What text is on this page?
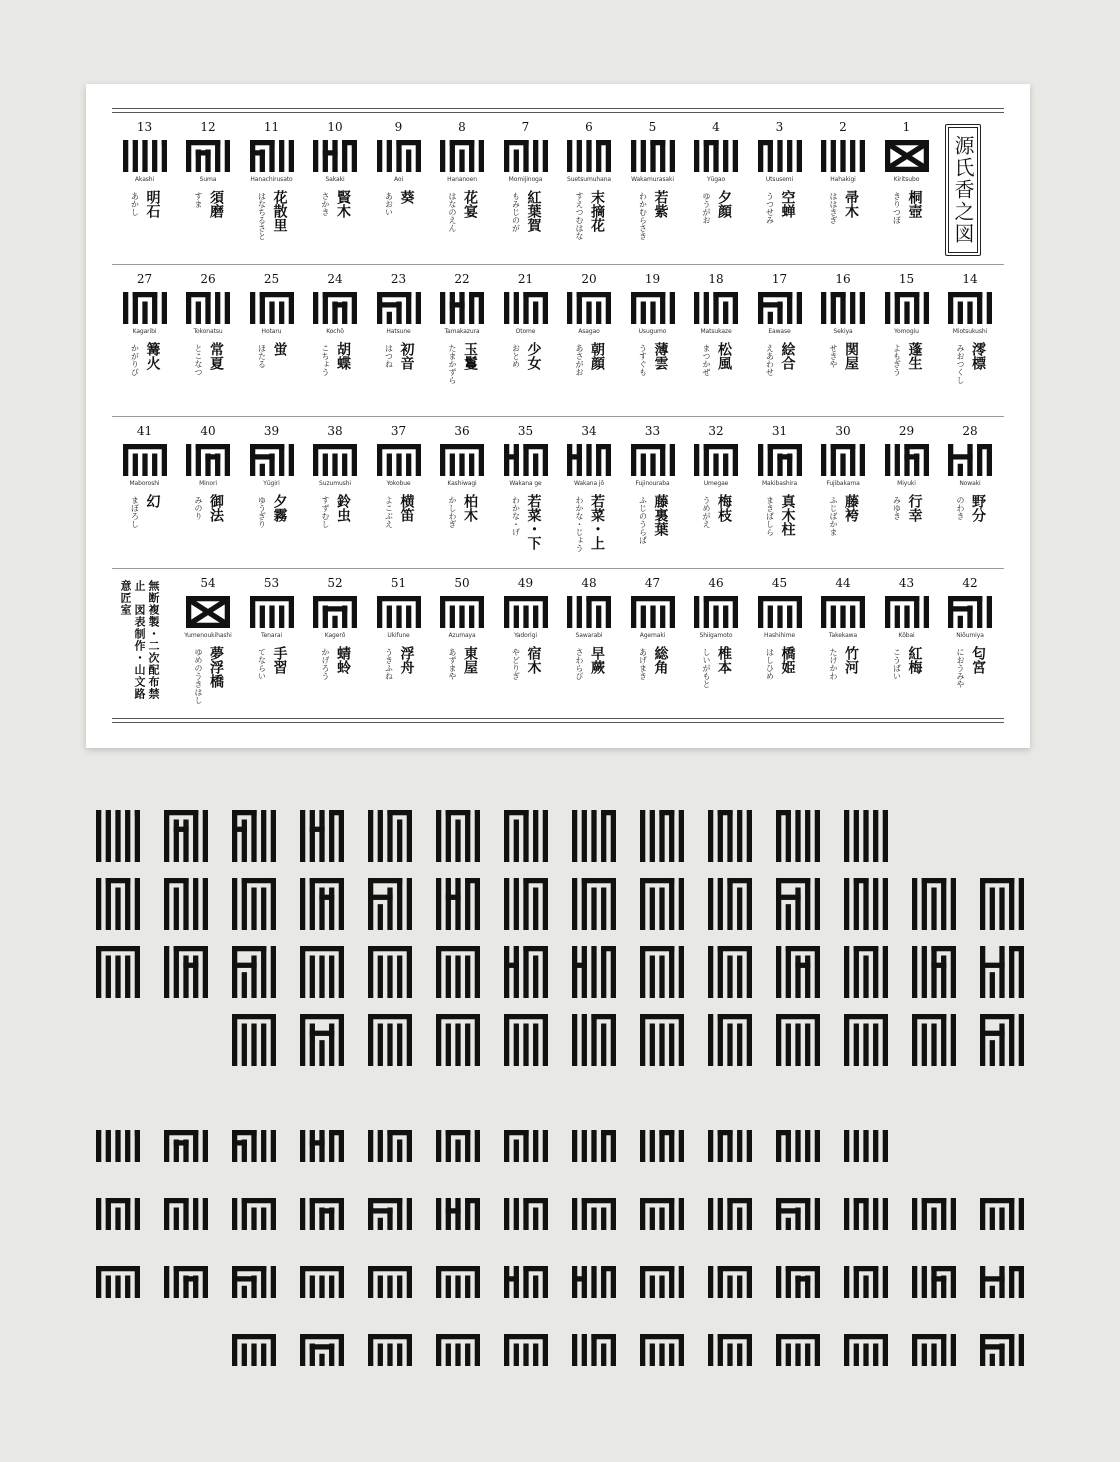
源氏香之図
無断複製・二次配布禁止　図表制作・山文路意匠室
1
Kiritsubo
きりつぼ 桐壺
2
Hahakigi
ははきぎ 帚木
3
Utsusemi
うつせみ 空蝉
4
Yūgao
ゆうがお 夕顔
5
Wakamurasaki
わかむらさき 若紫
6
Suetsumuhana
すえつむはな 末摘花
7
Momijinoga
もみじのが 紅葉賀
8
Hananoen
はなのえん 花宴
9
Aoi
あおい 葵
10
Sakaki
さかき 賢木
11
Hanachirusato
はなちるさと 花散里
12
Suma
すま 須磨
13
Akashi
あかし 明石
14
Miotsukushi
みおつくし 澪標
15
Yomogiu
よもぎう 蓬生
16
Sekiya
せきや 関屋
17
Eawase
えあわせ 絵合
18
Matsukaze
まつかぜ 松風
19
Usugumo
うすぐも 薄雲
20
Asagao
あさがお 朝顔
21
Otome
おとめ 少女
22
Tamakazura
たまかずら 玉鬘
23
Hatsune
はつね 初音
24
Kochō
こちょう 胡蝶
25
Hotaru
ほたる 蛍
26
Tokonatsu
とこなつ 常夏
27
Kagaribi
かがりび 篝火
28
Nowaki
のわき 野分
29
Miyuki
みゆき 行幸
30
Fujibakama
ふじばかま 藤袴
31
Makibashira
まきばしら 真木柱
32
Umegae
うめがえ 梅枝
33
Fujinouraba
ふじのうらば 藤裏葉
34
Wakana jō
わかな・じょう 若菜・上
35
Wakana ge
わかな・げ 若菜・下
36
Kashiwagi
かしわぎ 柏木
37
Yokobue
よこぶえ 横笛
38
Suzumushi
すずむし 鈴虫
39
Yūgiri
ゆうぎり 夕霧
40
Minori
みのり 御法
41
Maboroshi
まぼろし 幻
42
Niōumiya
におうみや 匂宮
43
Kōbai
こうばい 紅梅
44
Takekawa
たけかわ 竹河
45
Hashihime
はしひめ 橋姫
46
Shiigamoto
しいがもと 椎本
47
Agemaki
あげまき 総角
48
Sawarabi
さわらび 早蕨
49
Yadorigi
やどりぎ 宿木
50
Azumaya
あずまや 東屋
51
Ukifune
うきふね 浮舟
52
Kagerō
かげろう 蜻蛉
53
Tenarai
てならい 手習
54
Yumenoukihashi
ゆめのうきはし 夢浮橋
